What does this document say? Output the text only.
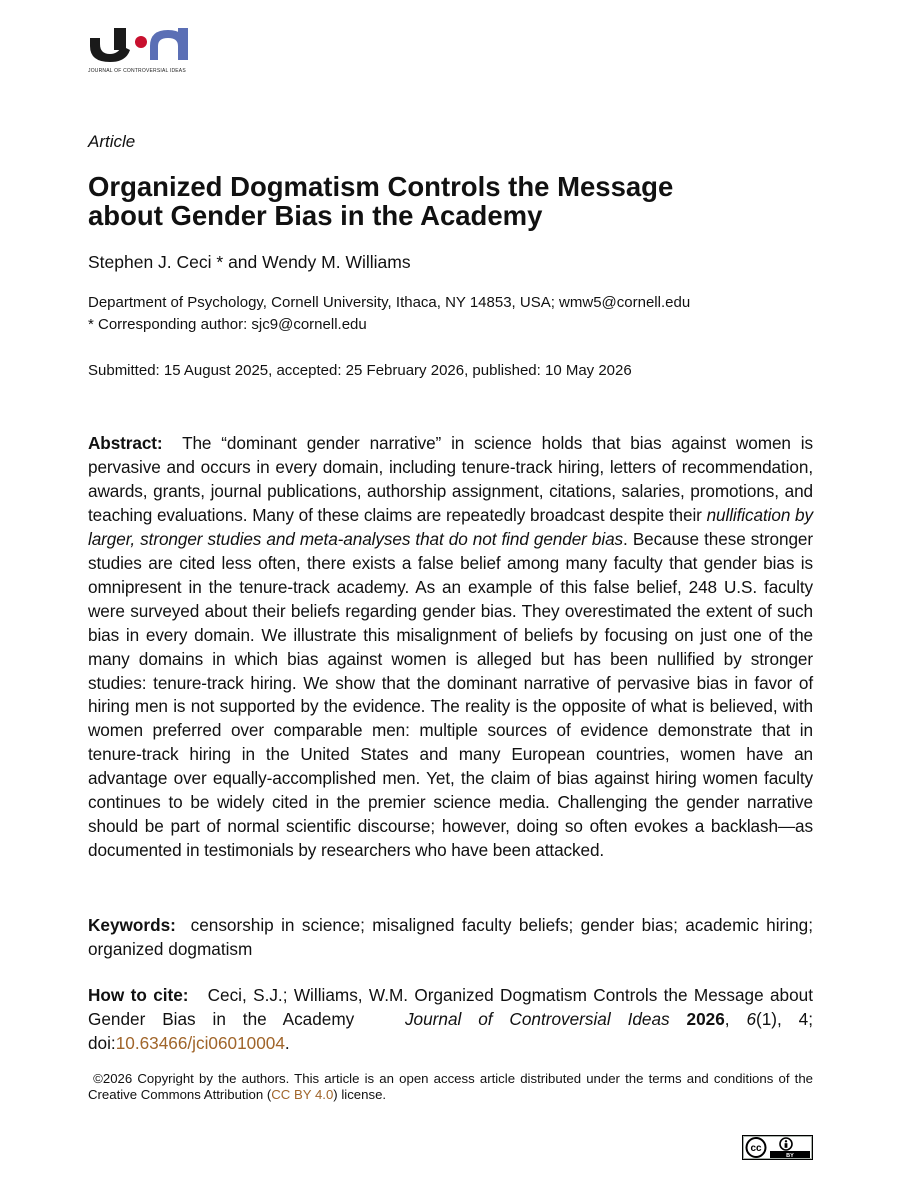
JOURNAL OF CONTROVERSIAL IDEAS
Article
Organized Dogmatism Controls the Message
about Gender Bias in the Academy
Stephen J. Ceci * and Wendy M. Williams
Department of Psychology, Cornell University, Ithaca, NY 14853, USA; wmw5@cornell.edu
* Corresponding author: sjc9@cornell.edu
Submitted: 15 August 2025, accepted: 25 February 2026, published: 10 May 2026

Abstract: The “dominant gender narrative” in science holds that bias against women is pervasive and occurs in every domain, including tenure-track hiring, letters of recommendation, awards, grants, journal publications, authorship assignment, citations, salaries, promotions, and teaching evaluations. Many of these claims are repeatedly broadcast despite their nullification by larger, stronger studies and meta-analyses that do not find gender bias. Because these stronger studies are cited less often, there exists a false belief among many faculty that gender bias is omnipresent in the tenure-track academy. As an example of this false belief, 248 U.S. faculty were surveyed about their beliefs regarding gender bias. They overestimated the extent of such bias in every domain. We illustrate this misalignment of beliefs by focusing on just one of the many domains in which bias against women is alleged but has been nullified by stronger studies: tenure-track hiring. We show that the dominant narrative of pervasive bias in favor of hiring men is not supported by the evidence. The reality is the opposite of what is believed, with women preferred over comparable men: multiple sources of evidence demonstrate that in tenure-track hiring in the United States and many European countries, women have an advantage over equally-accomplished men. Yet, the claim of bias against hiring women faculty continues to be widely cited in the premier science media. Challenging the gender narrative should be part of normal scientific discourse; however, doing so often evokes a backlash—as documented in testimonials by researchers who have been attacked.

Keywords: censorship in science; misaligned faculty beliefs; gender bias; academic hiring; organized dogmatism

How to cite: Ceci, S.J.; Williams, W.M. Organized Dogmatism Controls the Message about Gender Bias in the Academy	Journal of Controversial Ideas 2026, 6(1), 4; doi:10.63466/jci06010004.

©2026 Copyright by the authors. This article is an open access article distributed under the terms and conditions of the Creative Commons Attribution (CC BY 4.0) license.

cc
BY
